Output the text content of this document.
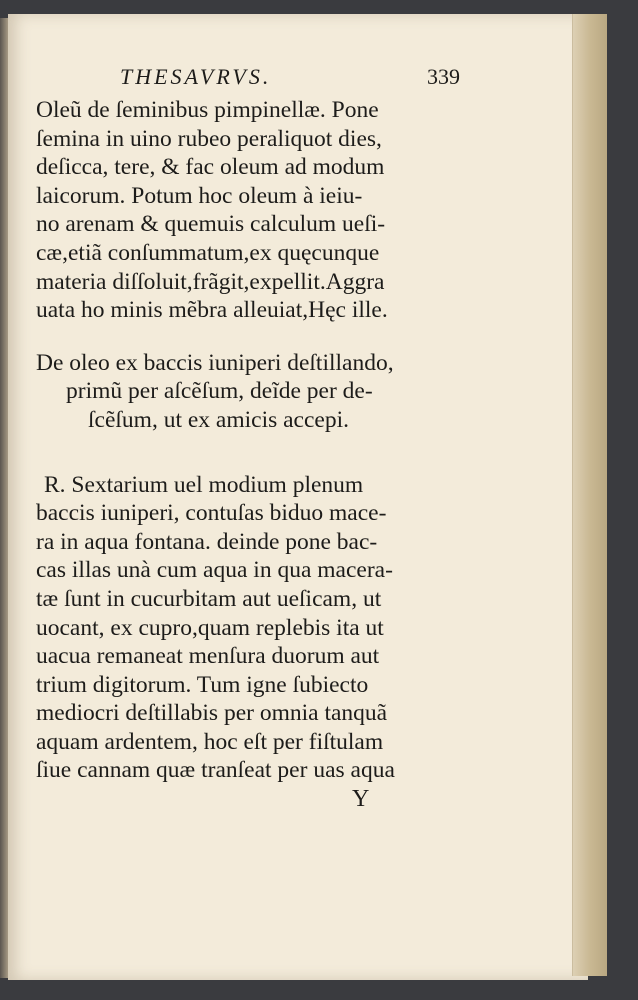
THESAVRVS.	339
Oleũ de ſeminibus pimpinellæ. Pone
ſemina in uino rubeo peraliquot dies,
deſicca, tere, & fac oleum ad modum
laicorum. Potum hoc oleum à ieiu-
no arenam & quemuis calculum ueſi-
cæ,etiã conſummatum,ex quęcunque
materia diſſoluit,frãgit,expellit.Aggra
uata ho minis mẽbra alleuiat,Hęc ille.
De oleo ex baccis iuniperi deſtillando,
primũ per aſcẽſum, deĩde per de-
ſcẽſum, ut ex amicis accepi.
R. Sextarium uel modium plenum
baccis iuniperi, contuſas biduo mace-
ra in aqua fontana. deinde pone bac-
cas illas unà cum aqua in qua macera-
tæ ſunt in cucurbitam aut ueſicam, ut
uocant, ex cupro,quam replebis ita ut
uacua remaneat menſura duorum aut
trium digitorum. Tum igne ſubiecto
mediocri deſtillabis per omnia tanquã
aquam ardentem, hoc eſt per fiſtulam
ſiue cannam quæ tranſeat per uas aqua
Y
